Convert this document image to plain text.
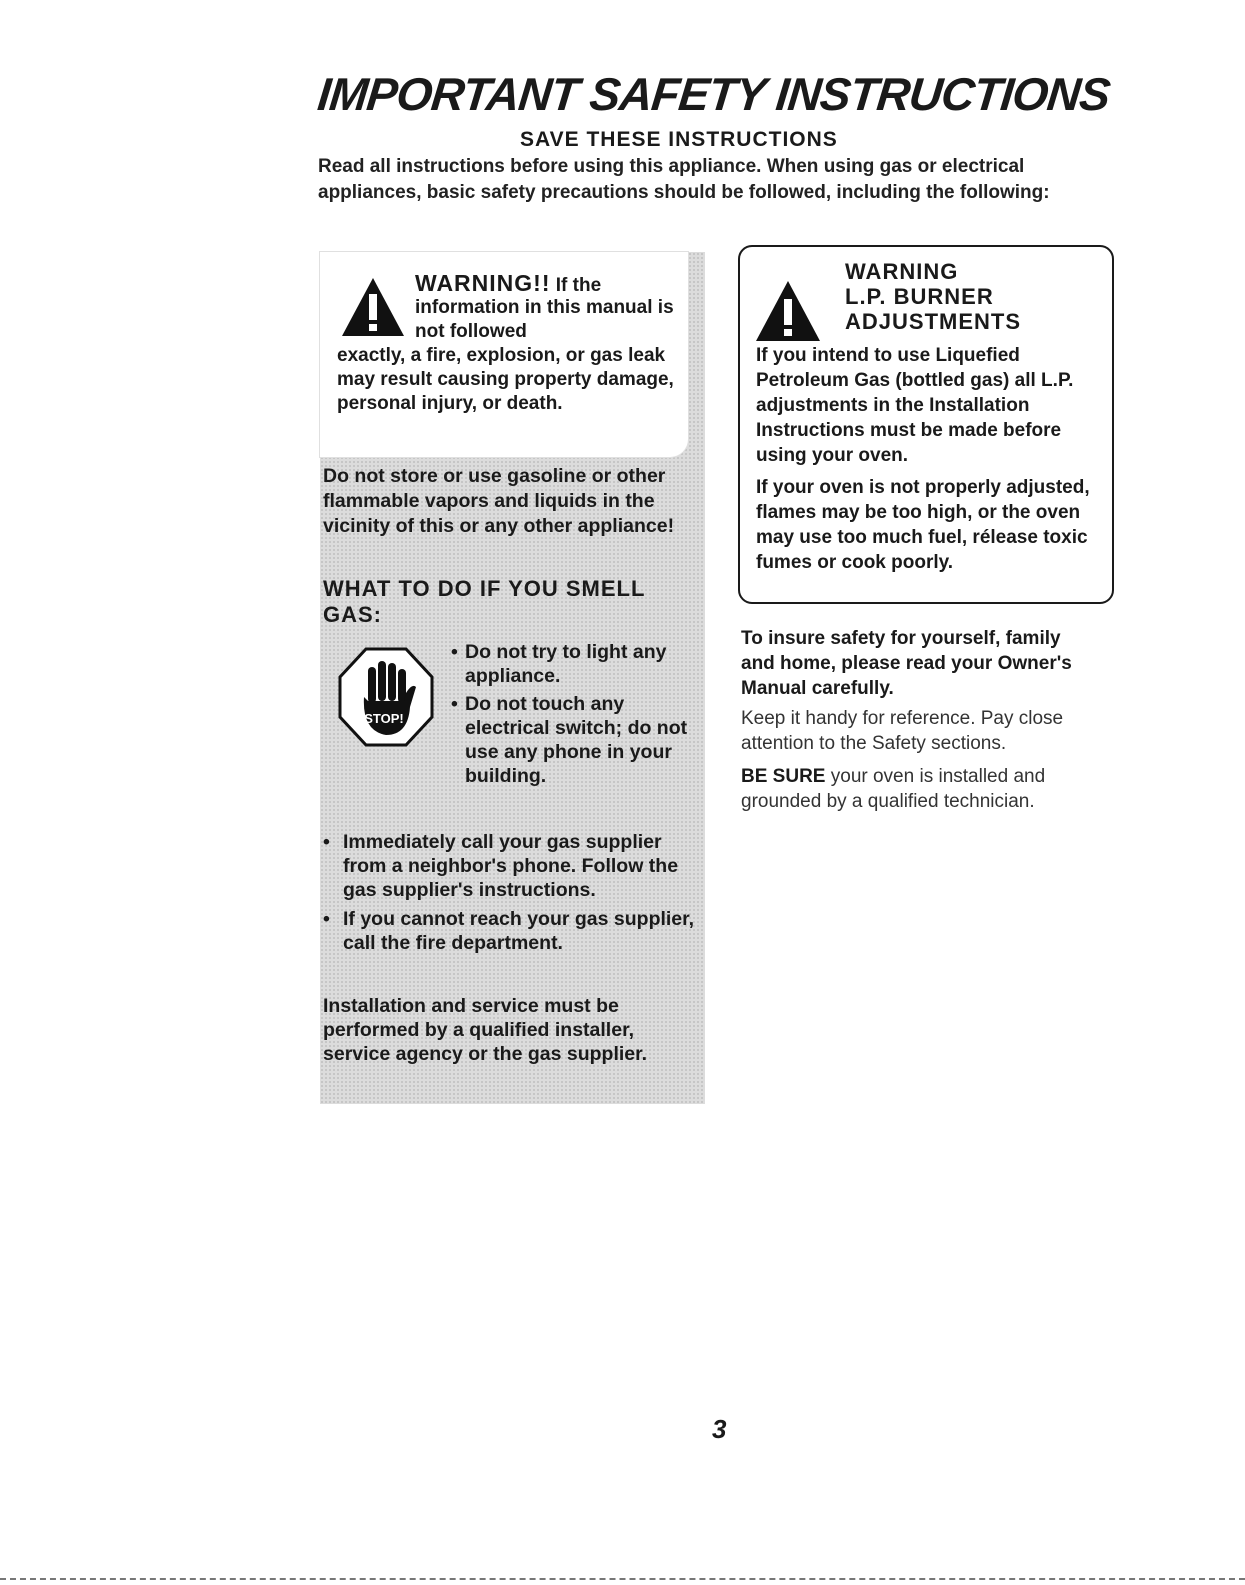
IMPORTANT SAFETY INSTRUCTIONS
SAVE THESE INSTRUCTIONS

Read all instructions before using this appliance. When using gas or electrical appliances, basic safety precautions should be followed, including the following:

WARNING!! If the
information in this manual is not followed
exactly, a fire, explosion, or gas leak may result causing property damage, personal injury, or death.

Do not store or use gasoline or other flammable vapors and liquids in the vicinity of this or any other appliance!

WHAT TO DO IF YOU SMELL GAS:
STOP!
• Do not try to light any appliance.
• Do not touch any electrical switch; do not use any phone in your building.
• Immediately call your gas supplier from a neighbor's phone. Follow the gas supplier's instructions.
• If you cannot reach your gas supplier, call the fire department.

Installation and service must be performed by a qualified installer, service agency or the gas supplier.

WARNING
L.P. BURNER
ADJUSTMENTS

If you intend to use Liquefied Petroleum Gas (bottled gas) all L.P. adjustments in the Installation Instructions must be made before using your oven.

If your oven is not properly adjusted, flames may be too high, or the oven may use too much fuel, rélease toxic fumes or cook poorly.

To insure safety for yourself, family and home, please read your Owner's Manual carefully.

Keep it handy for reference. Pay close attention to the Safety sections.

BE SURE your oven is installed and grounded by a qualified technician.

3
